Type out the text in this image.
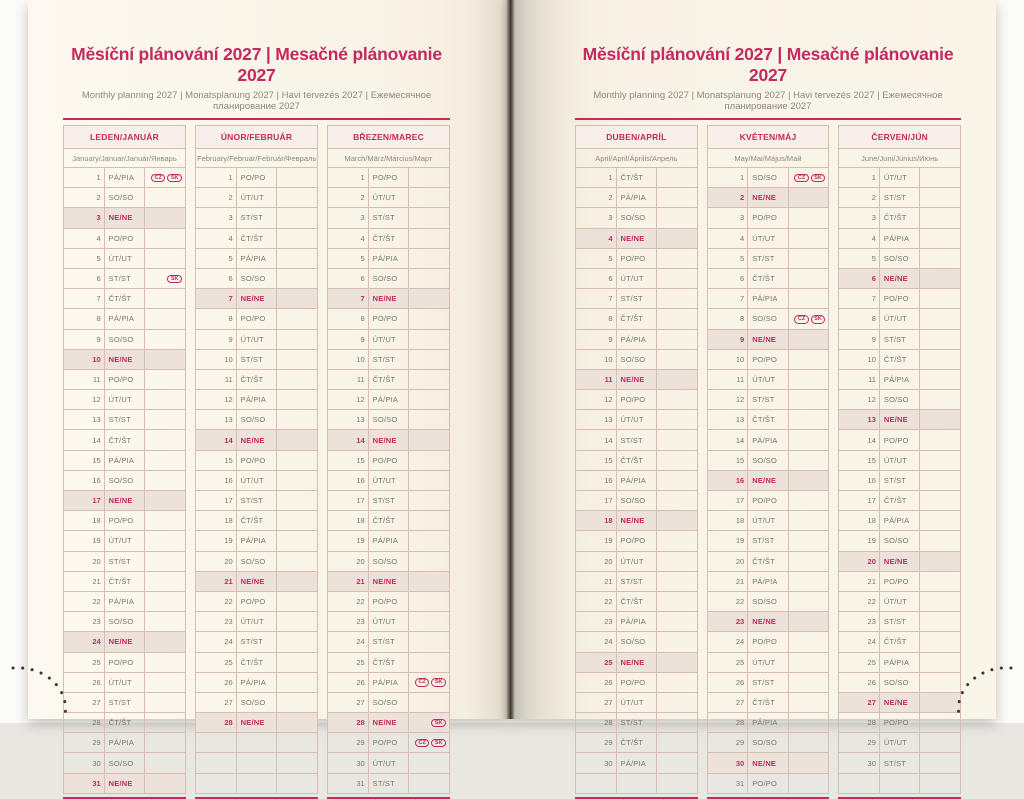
Měsíční plánování 2027 | Mesačné plánovanie 2027
Monthly planning 2027 | Monatsplanung 2027 | Havi tervezés 2027 | Ежемесячное планирование 2027
LEDEN/JANUÁR		
January/Januar/Január/Январь		
1	PÁ/PIA	CZ SK
2	SO/SO	
3	NE/NE	
4	PO/PO	
5	ÚT/UT	
6	ST/ST	SK
7	ČT/ŠT	
8	PÁ/PIA	
9	SO/SO	
10	NE/NE	
11	PO/PO	
12	ÚT/UT	
13	ST/ST	
14	ČT/ŠT	
15	PÁ/PIA	
16	SO/SO	
17	NE/NE	
18	PO/PO	
19	ÚT/UT	
20	ST/ST	
21	ČT/ŠT	
22	PÁ/PIA	
23	SO/SO	
24	NE/NE	
25	PO/PO	
26	ÚT/UT	
27	ST/ST	
28	ČT/ŠT	
29	PÁ/PIA	
30	SO/SO	
31	NE/NE	
ÚNOR/FEBRUÁR		
February/Februar/Február/Февраль		
1	PO/PO	
2	ÚT/UT	
3	ST/ST	
4	ČT/ŠT	
5	PÁ/PIA	
6	SO/SO	
7	NE/NE	
8	PO/PO	
9	ÚT/UT	
10	ST/ST	
11	ČT/ŠT	
12	PÁ/PIA	
13	SO/SO	
14	NE/NE	
15	PO/PO	
16	ÚT/UT	
17	ST/ST	
18	ČT/ŠT	
19	PÁ/PIA	
20	SO/SO	
21	NE/NE	
22	PO/PO	
23	ÚT/UT	
24	ST/ST	
25	ČT/ŠT	
26	PÁ/PIA	
27	SO/SO	
28	NE/NE	

BŘEZEN/MAREC		
March/März/Március/Март		
1	PO/PO	
2	ÚT/UT	
3	ST/ST	
4	ČT/ŠT	
5	PÁ/PIA	
6	SO/SO	
7	NE/NE	
8	PO/PO	
9	ÚT/UT	
10	ST/ST	
11	ČT/ŠT	
12	PÁ/PIA	
13	SO/SO	
14	NE/NE	
15	PO/PO	
16	ÚT/UT	
17	ST/ST	
18	ČT/ŠT	
19	PÁ/PIA	
20	SO/SO	
21	NE/NE	
22	PO/PO	
23	ÚT/UT	
24	ST/ST	
25	ČT/ŠT	
26	PÁ/PIA	CZ SK
27	SO/SO	
28	NE/NE	SK
29	PO/PO	CZ SK
30	ÚT/UT	
31	ST/ST	
Měsíční plánování 2027 | Mesačné plánovanie 2027
Monthly planning 2027 | Monatsplanung 2027 | Havi tervezés 2027 | Ежемесячное планирование 2027
DUBEN/APRÍL		
April/April/Április/Апрель		
1	ČT/ŠT	
2	PÁ/PIA	
3	SO/SO	
4	NE/NE	
5	PO/PO	
6	ÚT/UT	
7	ST/ST	
8	ČT/ŠT	
9	PÁ/PIA	
10	SO/SO	
11	NE/NE	
12	PO/PO	
13	ÚT/UT	
14	ST/ST	
15	ČT/ŠT	
16	PÁ/PIA	
17	SO/SO	
18	NE/NE	
19	PO/PO	
20	ÚT/UT	
21	ST/ST	
22	ČT/ŠT	
23	PÁ/PIA	
24	SO/SO	
25	NE/NE	
26	PO/PO	
27	ÚT/UT	
28	ST/ST	
29	ČT/ŠT	
30	PÁ/PIA	

KVĚTEN/MÁJ		
May/Mai/Május/Май		
1	SO/SO	CZ SK
2	NE/NE	
3	PO/PO	
4	ÚT/UT	
5	ST/ST	
6	ČT/ŠT	
7	PÁ/PIA	
8	SO/SO	CZ SK
9	NE/NE	
10	PO/PO	
11	ÚT/UT	
12	ST/ST	
13	ČT/ŠT	
14	PÁ/PIA	
15	SO/SO	
16	NE/NE	
17	PO/PO	
18	ÚT/UT	
19	ST/ST	
20	ČT/ŠT	
21	PÁ/PIA	
22	SO/SO	
23	NE/NE	
24	PO/PO	
25	ÚT/UT	
26	ST/ST	
27	ČT/ŠT	
28	PÁ/PIA	
29	SO/SO	
30	NE/NE	
31	PO/PO	
ČERVEN/JÚN		
June/Juni/Június/Июнь		
1	ÚT/UT	
2	ST/ST	
3	ČT/ŠT	
4	PÁ/PIA	
5	SO/SO	
6	NE/NE	
7	PO/PO	
8	ÚT/UT	
9	ST/ST	
10	ČT/ŠT	
11	PÁ/PIA	
12	SO/SO	
13	NE/NE	
14	PO/PO	
15	ÚT/UT	
16	ST/ST	
17	ČT/ŠT	
18	PÁ/PIA	
19	SO/SO	
20	NE/NE	
21	PO/PO	
22	ÚT/UT	
23	ST/ST	
24	ČT/ŠT	
25	PÁ/PIA	
26	SO/SO	
27	NE/NE	
28	PO/PO	
29	ÚT/UT	
30	ST/ST	
